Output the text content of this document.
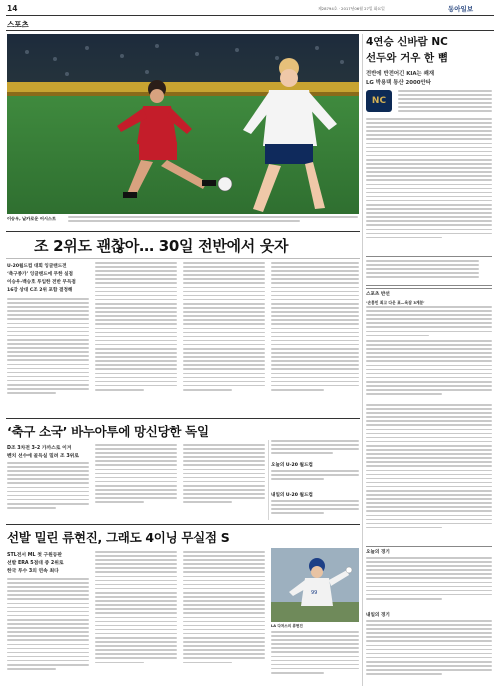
14	제28794호 · 2017년06월 27일 화요일	동아일보
스포츠
이승우, 날카로운 어시스트
4연승 신바람 NC
선두와 거우 한 뼘
전반에 반전어긴 KIA는 쾌재
LG 박용택 통산 2000안타
NC
스포츠 반선
‘손흥민 최고 다운 표—육잠 3게분’
조 2위도 괜찮아… 30일 전반에서 웃자
U-20월드컵 대회 잉글랜드전
‘축구종가’ 잉글랜드에 무한 실점
이승우-백승호 투입한 전반 무득점
16강 상대 C조 2위 포함 결정해
‘축구 소국’ 바누아투에 망신당한 독일
D조 3차전 3-2 가까스로 이겨
벤치 선수에 골득실 밀려 조 3위로
오늘의 U-20 월드컵
내일의 U-20 월드컵
선발 밀린 류현진, 그래도 4이닝 무실점 S
STL전서 ML 첫 구원등판
선발 ERA 5점대 중 2위로
한국 투수 3의 연속 최다
99
LA 다저스의 류현진
오늘의 경기
내일의 경기
